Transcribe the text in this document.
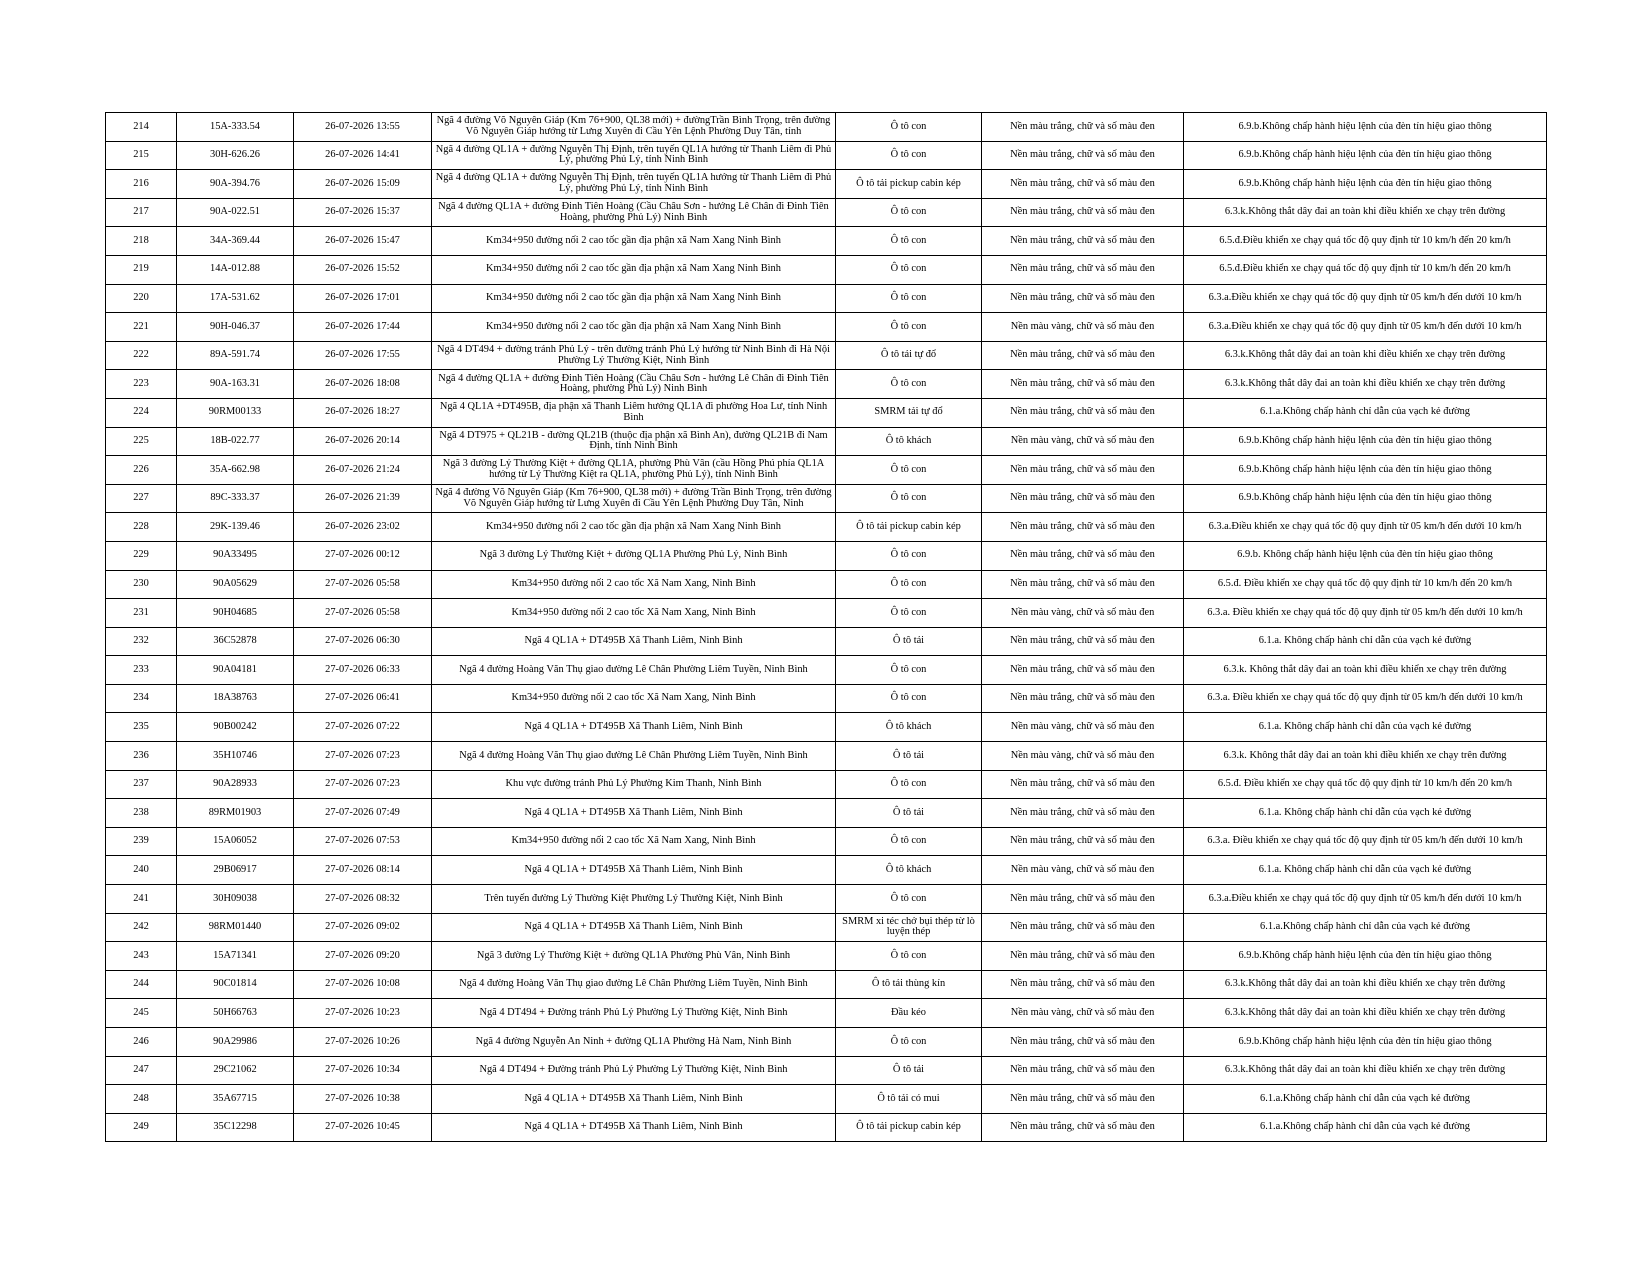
214	15A-333.54	26-07-2026 13:55	Ngã 4 đường Võ Nguyên Giáp (Km 76+900, QL38 mới) + đườngTrần Bình Trọng, trên đường Võ Nguyên Giáp hướng từ Lưng Xuyên đi Cầu Yên Lệnh Phường Duy Tân, tỉnh	Ô tô con	Nền màu trắng, chữ và số màu đen	6.9.b.Không chấp hành hiệu lệnh của đèn tín hiệu giao thông
215	30H-626.26	26-07-2026 14:41	Ngã 4 đường QL1A + đường Nguyễn Thị Định, trên tuyến QL1A hướng từ Thanh Liêm đi Phủ Lý, phường Phủ Lý, tỉnh Ninh Bình	Ô tô con	Nền màu trắng, chữ và số màu đen	6.9.b.Không chấp hành hiệu lệnh của đèn tín hiệu giao thông
216	90A-394.76	26-07-2026 15:09	Ngã 4 đường QL1A + đường Nguyễn Thị Định, trên tuyến QL1A hướng từ Thanh Liêm đi Phủ Lý, phường Phủ Lý, tỉnh Ninh Bình	Ô tô tải pickup cabin kép	Nền màu trắng, chữ và số màu đen	6.9.b.Không chấp hành hiệu lệnh của đèn tín hiệu giao thông
217	90A-022.51	26-07-2026 15:37	Ngã 4 đường QL1A + đường Đinh Tiên Hoàng (Cầu Châu Sơn - hướng Lê Chân đi Đinh Tiên Hoàng, phường Phủ Lý) Ninh Bình	Ô tô con	Nền màu trắng, chữ và số màu đen	6.3.k.Không thắt dây đai an toàn khi điều khiển xe chạy trên đường
218	34A-369.44	26-07-2026 15:47	Km34+950 đường nối 2 cao tốc gần địa phận xã Nam Xang Ninh Bình	Ô tô con	Nền màu trắng, chữ và số màu đen	6.5.đ.Điều khiển xe chạy quá tốc độ quy định từ 10 km/h đến 20 km/h
219	14A-012.88	26-07-2026 15:52	Km34+950 đường nối 2 cao tốc gần địa phận xã Nam Xang Ninh Bình	Ô tô con	Nền màu trắng, chữ và số màu đen	6.5.đ.Điều khiển xe chạy quá tốc độ quy định từ 10 km/h đến 20 km/h
220	17A-531.62	26-07-2026 17:01	Km34+950 đường nối 2 cao tốc gần địa phận xã Nam Xang Ninh Bình	Ô tô con	Nền màu trắng, chữ và số màu đen	6.3.a.Điều khiển xe chạy quá tốc độ quy định từ 05 km/h đến dưới 10 km/h
221	90H-046.37	26-07-2026 17:44	Km34+950 đường nối 2 cao tốc gần địa phận xã Nam Xang Ninh Bình	Ô tô con	Nền màu vàng, chữ và số màu đen	6.3.a.Điều khiển xe chạy quá tốc độ quy định từ 05 km/h đến dưới 10 km/h
222	89A-591.74	26-07-2026 17:55	Ngã 4 DT494 + đường tránh Phủ Lý - trên đường tránh Phủ Lý hướng từ Ninh Bình đi Hà Nội Phường Lý Thường Kiệt, Ninh Bình	Ô tô tải tự đổ	Nền màu trắng, chữ và số màu đen	6.3.k.Không thắt dây đai an toàn khi điều khiển xe chạy trên đường
223	90A-163.31	26-07-2026 18:08	Ngã 4 đường QL1A + đường Đinh Tiên Hoàng (Cầu Châu Sơn - hướng Lê Chân đi Đinh Tiên Hoàng, phường Phủ Lý) Ninh Bình	Ô tô con	Nền màu trắng, chữ và số màu đen	6.3.k.Không thắt dây đai an toàn khi điều khiển xe chạy trên đường
224	90RM00133	26-07-2026 18:27	Ngã 4 QL1A +DT495B, địa phận xã Thanh Liêm hướng QL1A đi phường Hoa Lư, tỉnh Ninh Bình	SMRM tải tự đổ	Nền màu trắng, chữ và số màu đen	6.1.a.Không chấp hành chỉ dẫn của vạch kẻ đường
225	18B-022.77	26-07-2026 20:14	Ngã 4 DT975 + QL21B - đường QL21B (thuộc địa phận xã Bình An), đường QL21B đi Nam Định, tỉnh Ninh Bình	Ô tô khách	Nền màu vàng, chữ và số màu đen	6.9.b.Không chấp hành hiệu lệnh của đèn tín hiệu giao thông
226	35A-662.98	26-07-2026 21:24	Ngã 3 đường Lý Thường Kiệt + đường QL1A, phường Phù Vân (cầu Hồng Phú phía QL1A hướng từ Lý Thường Kiệt ra QL1A, phường Phủ Lý), tỉnh Ninh Bình	Ô tô con	Nền màu trắng, chữ và số màu đen	6.9.b.Không chấp hành hiệu lệnh của đèn tín hiệu giao thông
227	89C-333.37	26-07-2026 21:39	Ngã 4 đường Võ Nguyên Giáp (Km 76+900, QL38 mới) + đường Trần Bình Trọng, trên đường Võ Nguyên Giáp hướng từ Lưng Xuyên đi Cầu Yên Lệnh Phường Duy Tân, Ninh	Ô tô con	Nền màu trắng, chữ và số màu đen	6.9.b.Không chấp hành hiệu lệnh của đèn tín hiệu giao thông
228	29K-139.46	26-07-2026 23:02	Km34+950 đường nối 2 cao tốc gần địa phận xã Nam Xang Ninh Bình	Ô tô tải pickup cabin kép	Nền màu trắng, chữ và số màu đen	6.3.a.Điều khiển xe chạy quá tốc độ quy định từ 05 km/h đến dưới 10 km/h
229	90A33495	27-07-2026 00:12	Ngã 3 đường Lý Thường Kiệt + đường QL1A Phường Phủ Lý, Ninh Bình	Ô tô con	Nền màu trắng, chữ và số màu đen	6.9.b. Không chấp hành hiệu lệnh của đèn tín hiệu giao thông
230	90A05629	27-07-2026 05:58	Km34+950 đường nối 2 cao tốc Xã Nam Xang, Ninh Bình	Ô tô con	Nền màu trắng, chữ và số màu đen	6.5.đ. Điều khiển xe chạy quá tốc độ quy định từ 10 km/h đến 20 km/h
231	90H04685	27-07-2026 05:58	Km34+950 đường nối 2 cao tốc Xã Nam Xang, Ninh Bình	Ô tô con	Nền màu vàng, chữ và số màu đen	6.3.a. Điều khiển xe chạy quá tốc độ quy định từ 05 km/h đến dưới 10 km/h
232	36C52878	27-07-2026 06:30	Ngã 4 QL1A + DT495B Xã Thanh Liêm, Ninh Bình	Ô tô tải	Nền màu trắng, chữ và số màu đen	6.1.a. Không chấp hành chỉ dẫn của vạch kẻ đường
233	90A04181	27-07-2026 06:33	Ngã 4 đường Hoàng Văn Thụ giao đường Lê Chân Phường Liêm Tuyền, Ninh Bình	Ô tô con	Nền màu trắng, chữ và số màu đen	6.3.k. Không thắt dây đai an toàn khi điều khiển xe chạy trên đường
234	18A38763	27-07-2026 06:41	Km34+950 đường nối 2 cao tốc Xã Nam Xang, Ninh Bình	Ô tô con	Nền màu trắng, chữ và số màu đen	6.3.a. Điều khiển xe chạy quá tốc độ quy định từ 05 km/h đến dưới 10 km/h
235	90B00242	27-07-2026 07:22	Ngã 4 QL1A + DT495B Xã Thanh Liêm, Ninh Bình	Ô tô khách	Nền màu vàng, chữ và số màu đen	6.1.a. Không chấp hành chỉ dẫn của vạch kẻ đường
236	35H10746	27-07-2026 07:23	Ngã 4 đường Hoàng Văn Thụ giao đường Lê Chân Phường Liêm Tuyền, Ninh Bình	Ô tô tải	Nền màu vàng, chữ và số màu đen	6.3.k. Không thắt dây đai an toàn khi điều khiển xe chạy trên đường
237	90A28933	27-07-2026 07:23	Khu vực đường tránh Phủ Lý Phường Kim Thanh, Ninh Bình	Ô tô con	Nền màu trắng, chữ và số màu đen	6.5.đ. Điều khiển xe chạy quá tốc độ quy định từ 10 km/h đến 20 km/h
238	89RM01903	27-07-2026 07:49	Ngã 4 QL1A + DT495B Xã Thanh Liêm, Ninh Bình	Ô tô tải	Nền màu trắng, chữ và số màu đen	6.1.a. Không chấp hành chỉ dẫn của vạch kẻ đường
239	15A06052	27-07-2026 07:53	Km34+950 đường nối 2 cao tốc Xã Nam Xang, Ninh Bình	Ô tô con	Nền màu trắng, chữ và số màu đen	6.3.a. Điều khiển xe chạy quá tốc độ quy định từ 05 km/h đến dưới 10 km/h
240	29B06917	27-07-2026 08:14	Ngã 4 QL1A + DT495B Xã Thanh Liêm, Ninh Bình	Ô tô khách	Nền màu vàng, chữ và số màu đen	6.1.a. Không chấp hành chỉ dẫn của vạch kẻ đường
241	30H09038	27-07-2026 08:32	Trên tuyến đường Lý Thường Kiệt Phường Lý Thường Kiệt, Ninh Bình	Ô tô con	Nền màu trắng, chữ và số màu đen	6.3.a.Điều khiển xe chạy quá tốc độ quy định từ 05 km/h đến dưới 10 km/h
242	98RM01440	27-07-2026 09:02	Ngã 4 QL1A + DT495B Xã Thanh Liêm, Ninh Bình	SMRM xi téc chở bụi thép từ lò luyện thép	Nền màu trắng, chữ và số màu đen	6.1.a.Không chấp hành chỉ dẫn của vạch kẻ đường
243	15A71341	27-07-2026 09:20	Ngã 3 đường Lý Thường Kiệt + đường QL1A Phường Phù Vân, Ninh Bình	Ô tô con	Nền màu trắng, chữ và số màu đen	6.9.b.Không chấp hành hiệu lệnh của đèn tín hiệu giao thông
244	90C01814	27-07-2026 10:08	Ngã 4 đường Hoàng Văn Thụ giao đường Lê Chân Phường Liêm Tuyền, Ninh Bình	Ô tô tải thùng kín	Nền màu trắng, chữ và số màu đen	6.3.k.Không thắt dây đai an toàn khi điều khiển xe chạy trên đường
245	50H66763	27-07-2026 10:23	Ngã 4 DT494 + Đường tránh Phủ Lý Phường Lý Thường Kiệt, Ninh Bình	Đầu kéo	Nền màu vàng, chữ và số màu đen	6.3.k.Không thắt dây đai an toàn khi điều khiển xe chạy trên đường
246	90A29986	27-07-2026 10:26	Ngã 4 đường Nguyễn An Ninh + đường QL1A Phường Hà Nam, Ninh Bình	Ô tô con	Nền màu trắng, chữ và số màu đen	6.9.b.Không chấp hành hiệu lệnh của đèn tín hiệu giao thông
247	29C21062	27-07-2026 10:34	Ngã 4 DT494 + Đường tránh Phủ Lý Phường Lý Thường Kiệt, Ninh Bình	Ô tô tải	Nền màu trắng, chữ và số màu đen	6.3.k.Không thắt dây đai an toàn khi điều khiển xe chạy trên đường
248	35A67715	27-07-2026 10:38	Ngã 4 QL1A + DT495B Xã Thanh Liêm, Ninh Bình	Ô tô tải có mui	Nền màu trắng, chữ và số màu đen	6.1.a.Không chấp hành chỉ dẫn của vạch kẻ đường
249	35C12298	27-07-2026 10:45	Ngã 4 QL1A + DT495B Xã Thanh Liêm, Ninh Bình	Ô tô tải pickup cabin kép	Nền màu trắng, chữ và số màu đen	6.1.a.Không chấp hành chỉ dẫn của vạch kẻ đường
